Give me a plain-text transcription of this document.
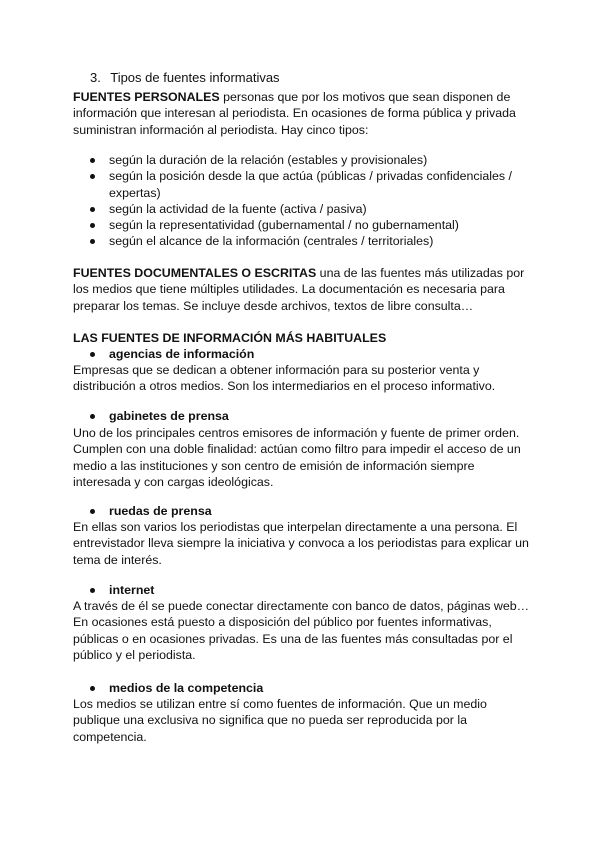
3. Tipos de fuentes informativas

FUENTES PERSONALES personas que por los motivos que sean disponen de información que interesan al periodista. En ocasiones de forma pública y privada suministran información al periodista. Hay cinco tipos:

según la duración de la relación (estables y provisionales)
según la posición desde la que actúa (públicas / privadas confidenciales / expertas)
según la actividad de la fuente (activa / pasiva)
según la representatividad (gubernamental / no gubernamental)
según el alcance de la información (centrales / territoriales)

FUENTES DOCUMENTALES O ESCRITAS una de las fuentes más utilizadas por los medios que tiene múltiples utilidades. La documentación es necesaria para preparar los temas. Se incluye desde archivos, textos de libre consulta…

LAS FUENTES DE INFORMACIÓN MÁS HABITUALES

agencias de información

Empresas que se dedican a obtener información para su posterior venta y distribución a otros medios. Son los intermediarios en el proceso informativo.

gabinetes de prensa

Uno de los principales centros emisores de información y fuente de primer orden. Cumplen con una doble finalidad: actúan como filtro para impedir el acceso de un medio a las instituciones y son centro de emisión de información siempre interesada y con cargas ideológicas.

ruedas de prensa

En ellas son varios los periodistas que interpelan directamente a una persona. El entrevistador lleva siempre la iniciativa y convoca a los periodistas para explicar un tema de interés.

internet

A través de él se puede conectar directamente con banco de datos, páginas web… En ocasiones está puesto a disposición del público por fuentes informativas, públicas o en ocasiones privadas. Es una de las fuentes más consultadas por el público y el periodista.

medios de la competencia

Los medios se utilizan entre sí como fuentes de información. Que un medio publique una exclusiva no significa que no pueda ser reproducida por la competencia.
